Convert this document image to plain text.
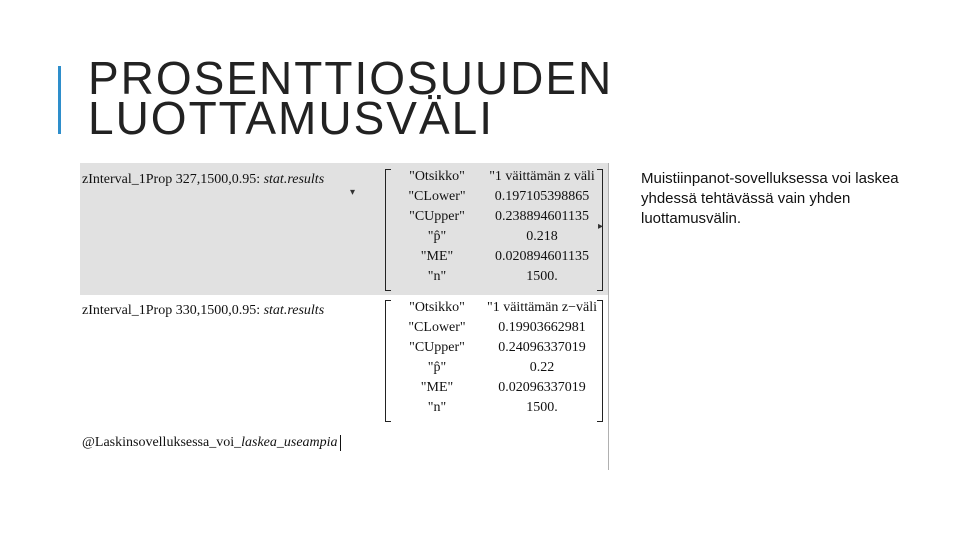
PROSENTTIOSUUDEN
LUOTTAMUSVÄLI
zInterval_1Prop 327,1500,0.95: stat.results
▾
"Otsikko"	"1 väittämän z väli
"CLower"	0.197105398865
"CUpper"	0.238894601135
"p̂"	0.218
"ME"	0.020894601135
"n"	1500.
▸
zInterval_1Prop 330,1500,0.95: stat.results	"Otsikko"	"1 väittämän z−väli
"CLower"	0.19903662981
"CUpper"	0.24096337019
"p̂"	0.22
"ME"	0.02096337019
"n"	1500.
@Laskinsovelluksessa_voi_laskea_useampia

Muistiinpanot-sovelluksessa voi laskea yhdessä tehtävässä vain yhden luottamusvälin.
